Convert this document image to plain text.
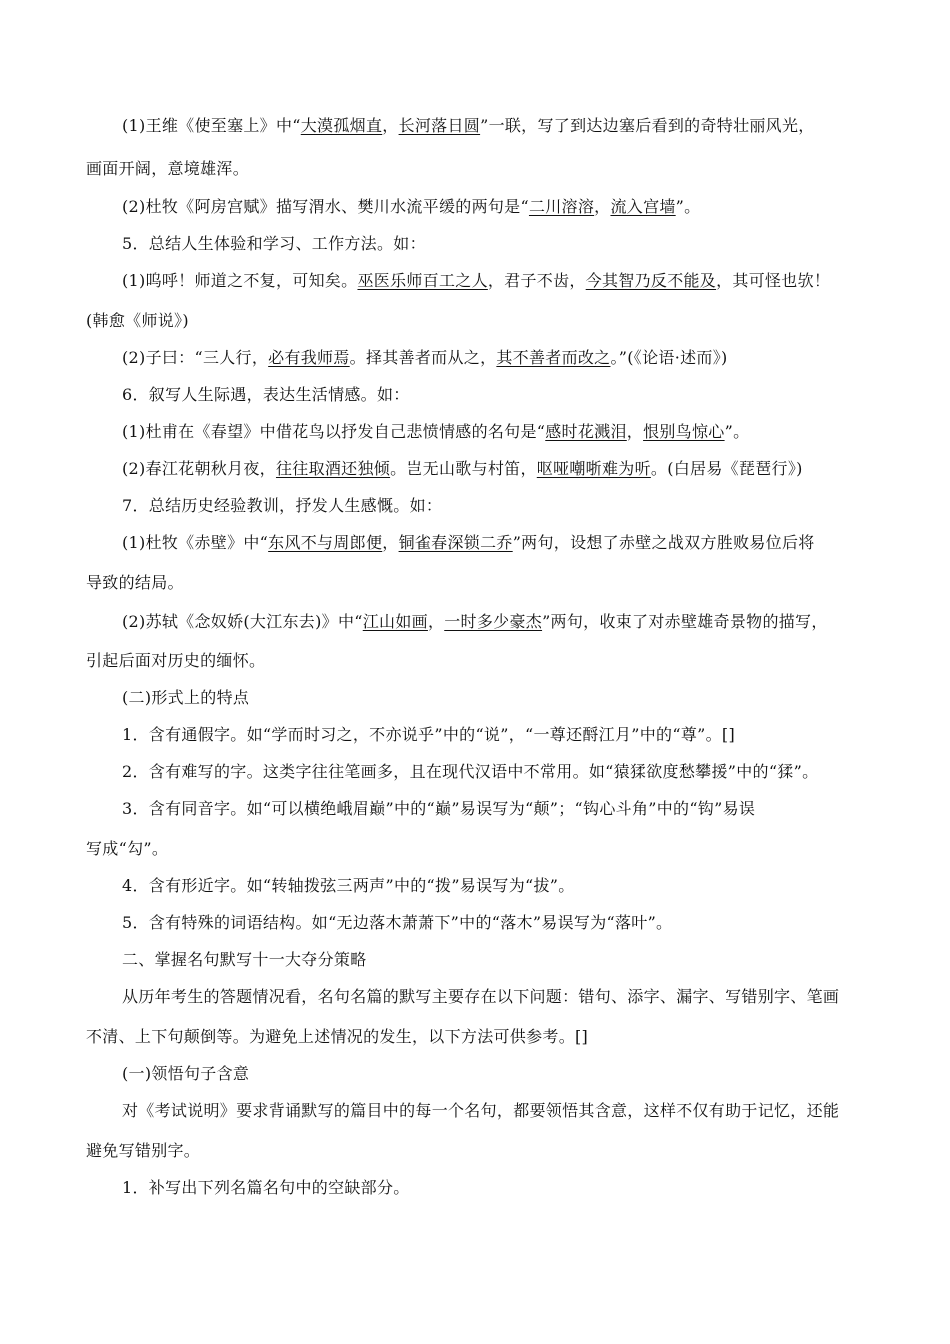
(1)王维《使至塞上》中“大漠孤烟直，长河落日圆”一联，写了到达边塞后看到的奇特壮丽风光，
画面开阔，意境雄浑。
(2)杜牧《阿房宫赋》描写渭水、樊川水流平缓的两句是“二川溶溶，流入宫墙”。
5．总结人生体验和学习、工作方法。如：
(1)呜呼！师道之不复，可知矣。巫医乐师百工之人，君子不齿，今其智乃反不能及，其可怪也欤！
(韩愈《师说》)
(2)子曰：“三人行，必有我师焉。择其善者而从之，其不善者而改之。”(《论语·述而》)
6．叙写人生际遇，表达生活情感。如：
(1)杜甫在《春望》中借花鸟以抒发自己悲愤情感的名句是“感时花溅泪，恨别鸟惊心”。
(2)春江花朝秋月夜，往往取酒还独倾。岂无山歌与村笛，呕哑嘲哳难为听。(白居易《琵琶行》)
7．总结历史经验教训，抒发人生感慨。如：
(1)杜牧《赤壁》中“东风不与周郎便，铜雀春深锁二乔”两句，设想了赤壁之战双方胜败易位后将
导致的结局。
(2)苏轼《念奴娇(大江东去)》中“江山如画，一时多少豪杰”两句，收束了对赤壁雄奇景物的描写，
引起后面对历史的缅怀。
(二)形式上的特点
1．含有通假字。如“学而时习之，不亦说乎”中的“说”，“一尊还酹江月”中的“尊”。[]
2．含有难写的字。这类字往往笔画多，且在现代汉语中不常用。如“猿猱欲度愁攀援”中的“猱”。
3．含有同音字。如“可以横绝峨眉巅”中的“巅”易误写为“颠”；“钩心斗角”中的“钩”易误
写成“勾”。
4．含有形近字。如“转轴拨弦三两声”中的“拨”易误写为“拔”。
5．含有特殊的词语结构。如“无边落木萧萧下”中的“落木”易误写为“落叶”。
二、掌握名句默写十一大夺分策略
从历年考生的答题情况看，名句名篇的默写主要存在以下问题：错句、添字、漏字、写错别字、笔画
不清、上下句颠倒等。为避免上述情况的发生，以下方法可供参考。[]
(一)领悟句子含意
对《考试说明》要求背诵默写的篇目中的每一个名句，都要领悟其含意，这样不仅有助于记忆，还能
避免写错别字。
1．补写出下列名篇名句中的空缺部分。
